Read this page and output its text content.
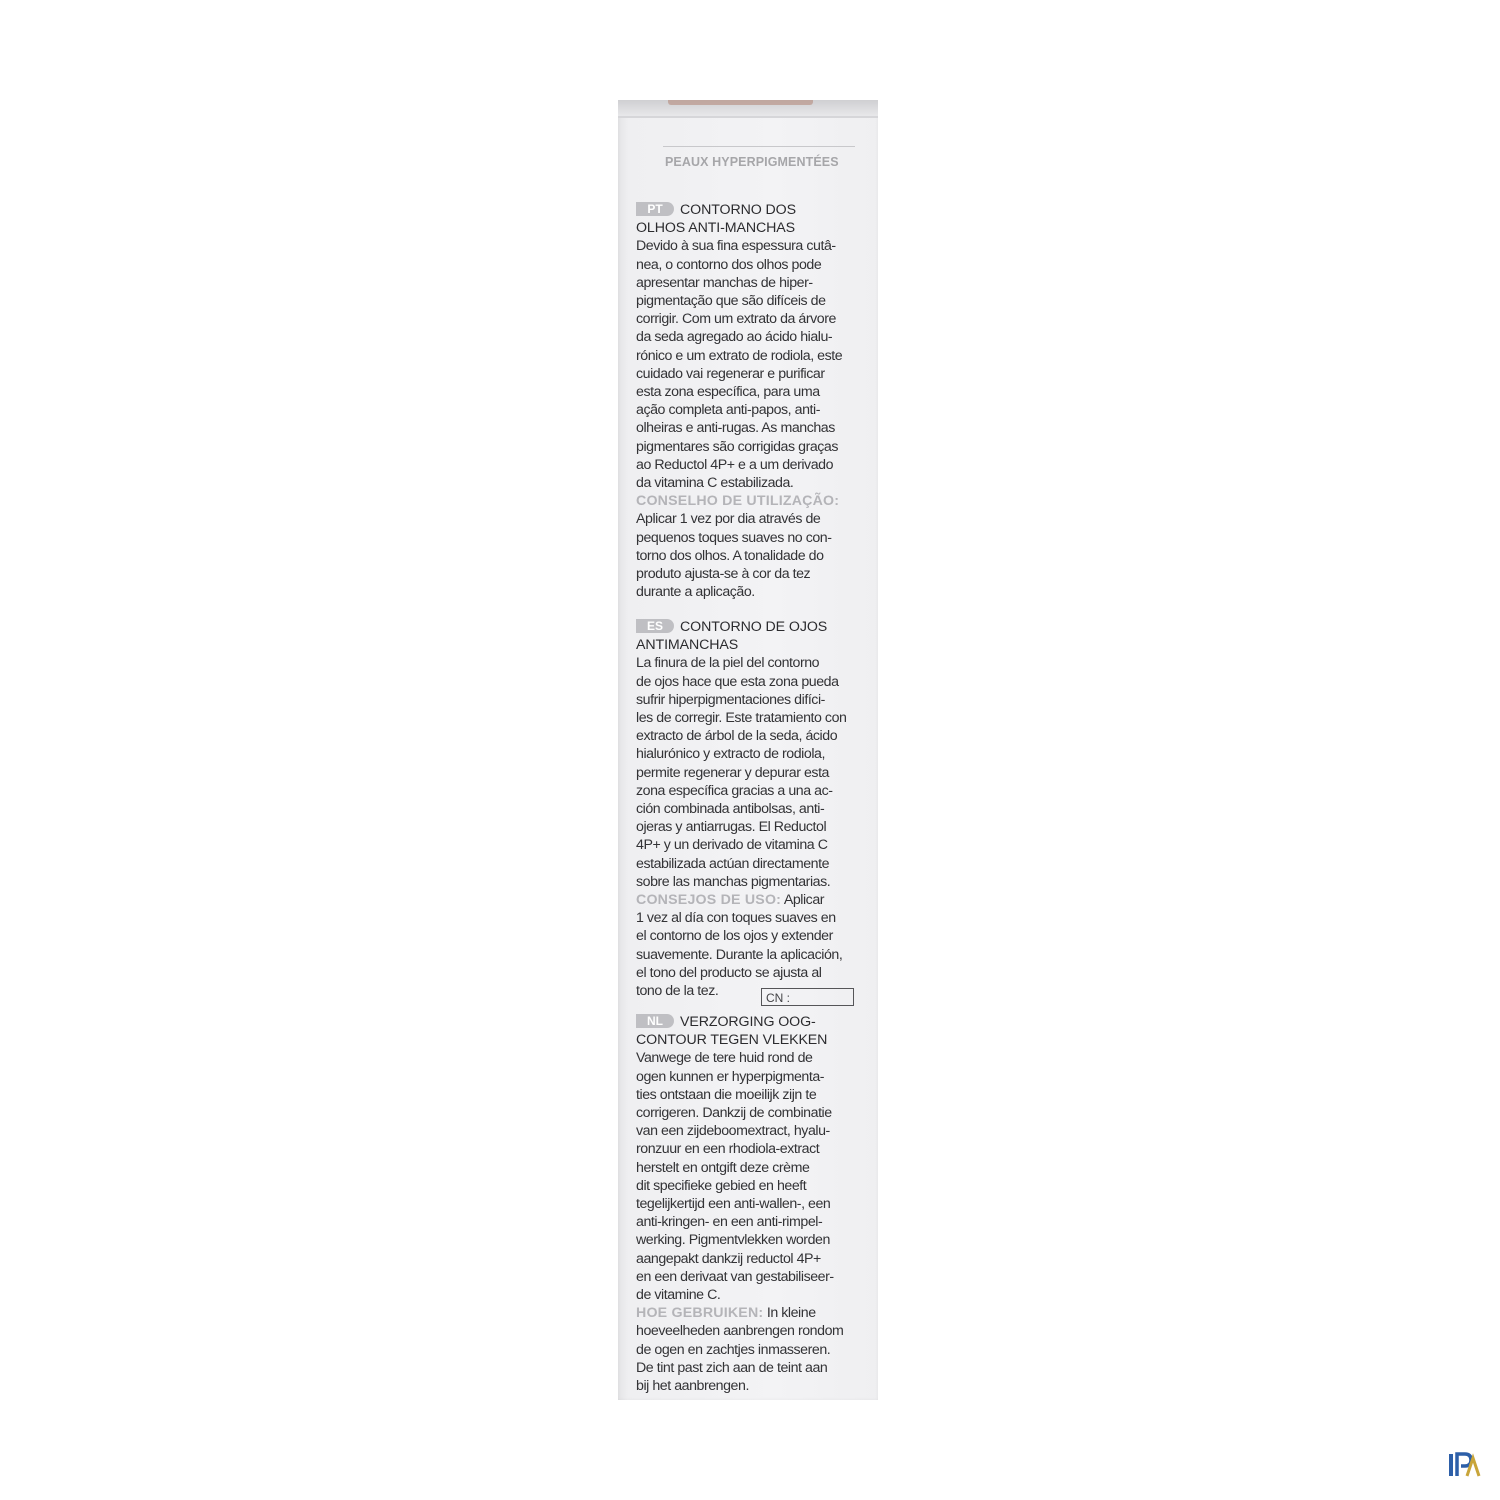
PEAUX HYPERPIGMENTÉES
PT CONTORNO DOS
OLHOS ANTI-MANCHAS
Devido à sua fina espessura cutâ-
nea, o contorno dos olhos pode
apresentar manchas de hiper-
pigmentação que são difíceis de
corrigir. Com um extrato da árvore
da seda agregado ao ácido hialu-
rónico e um extrato de rodiola, este
cuidado vai regenerar e purificar
esta zona específica, para uma
ação completa anti-papos, anti-
olheiras e anti-rugas. As manchas
pigmentares são corrigidas graças
ao Reductol 4P+ e a um derivado
da vitamina C estabilizada.
CONSELHO DE UTILIZAÇÃO:
Aplicar 1 vez por dia através de
pequenos toques suaves no con-
torno dos olhos. A tonalidade do
produto ajusta-se à cor da tez
durante a aplicação.
ES CONTORNO DE OJOS
ANTIMANCHAS
La finura de la piel del contorno
de ojos hace que esta zona pueda
sufrir hiperpigmentaciones difíci-
les de corregir. Este tratamiento con
extracto de árbol de la seda, ácido
hialurónico y extracto de rodiola,
permite regenerar y depurar esta
zona específica gracias a una ac-
ción combinada antibolsas, anti-
ojeras y antiarrugas. El Reductol
4P+ y un derivado de vitamina C
estabilizada actúan directamente
sobre las manchas pigmentarias.
CONSEJOS DE USO: Aplicar
1 vez al día con toques suaves en
el contorno de los ojos y extender
suavemente. Durante la aplicación,
el tono del producto se ajusta al
tono de la tez.	CN :
NL VERZORGING OOG-
CONTOUR TEGEN VLEKKEN
Vanwege de tere huid rond de
ogen kunnen er hyperpigmenta-
ties ontstaan die moeilijk zijn te
corrigeren. Dankzij de combinatie
van een zijdeboomextract, hyalu-
ronzuur en een rhodiola-extract
herstelt en ontgift deze crème
dit specifieke gebied en heeft
tegelijkertijd een anti-wallen-, een
anti-kringen- en een anti-rimpel-
werking. Pigmentvlekken worden
aangepakt dankzij reductol 4P+
en een derivaat van gestabiliseer-
de vitamine C.
HOE GEBRUIKEN: In kleine
hoeveelheden aanbrengen rondom
de ogen en zachtjes inmasseren.
De tint past zich aan de teint aan
bij het aanbrengen.
